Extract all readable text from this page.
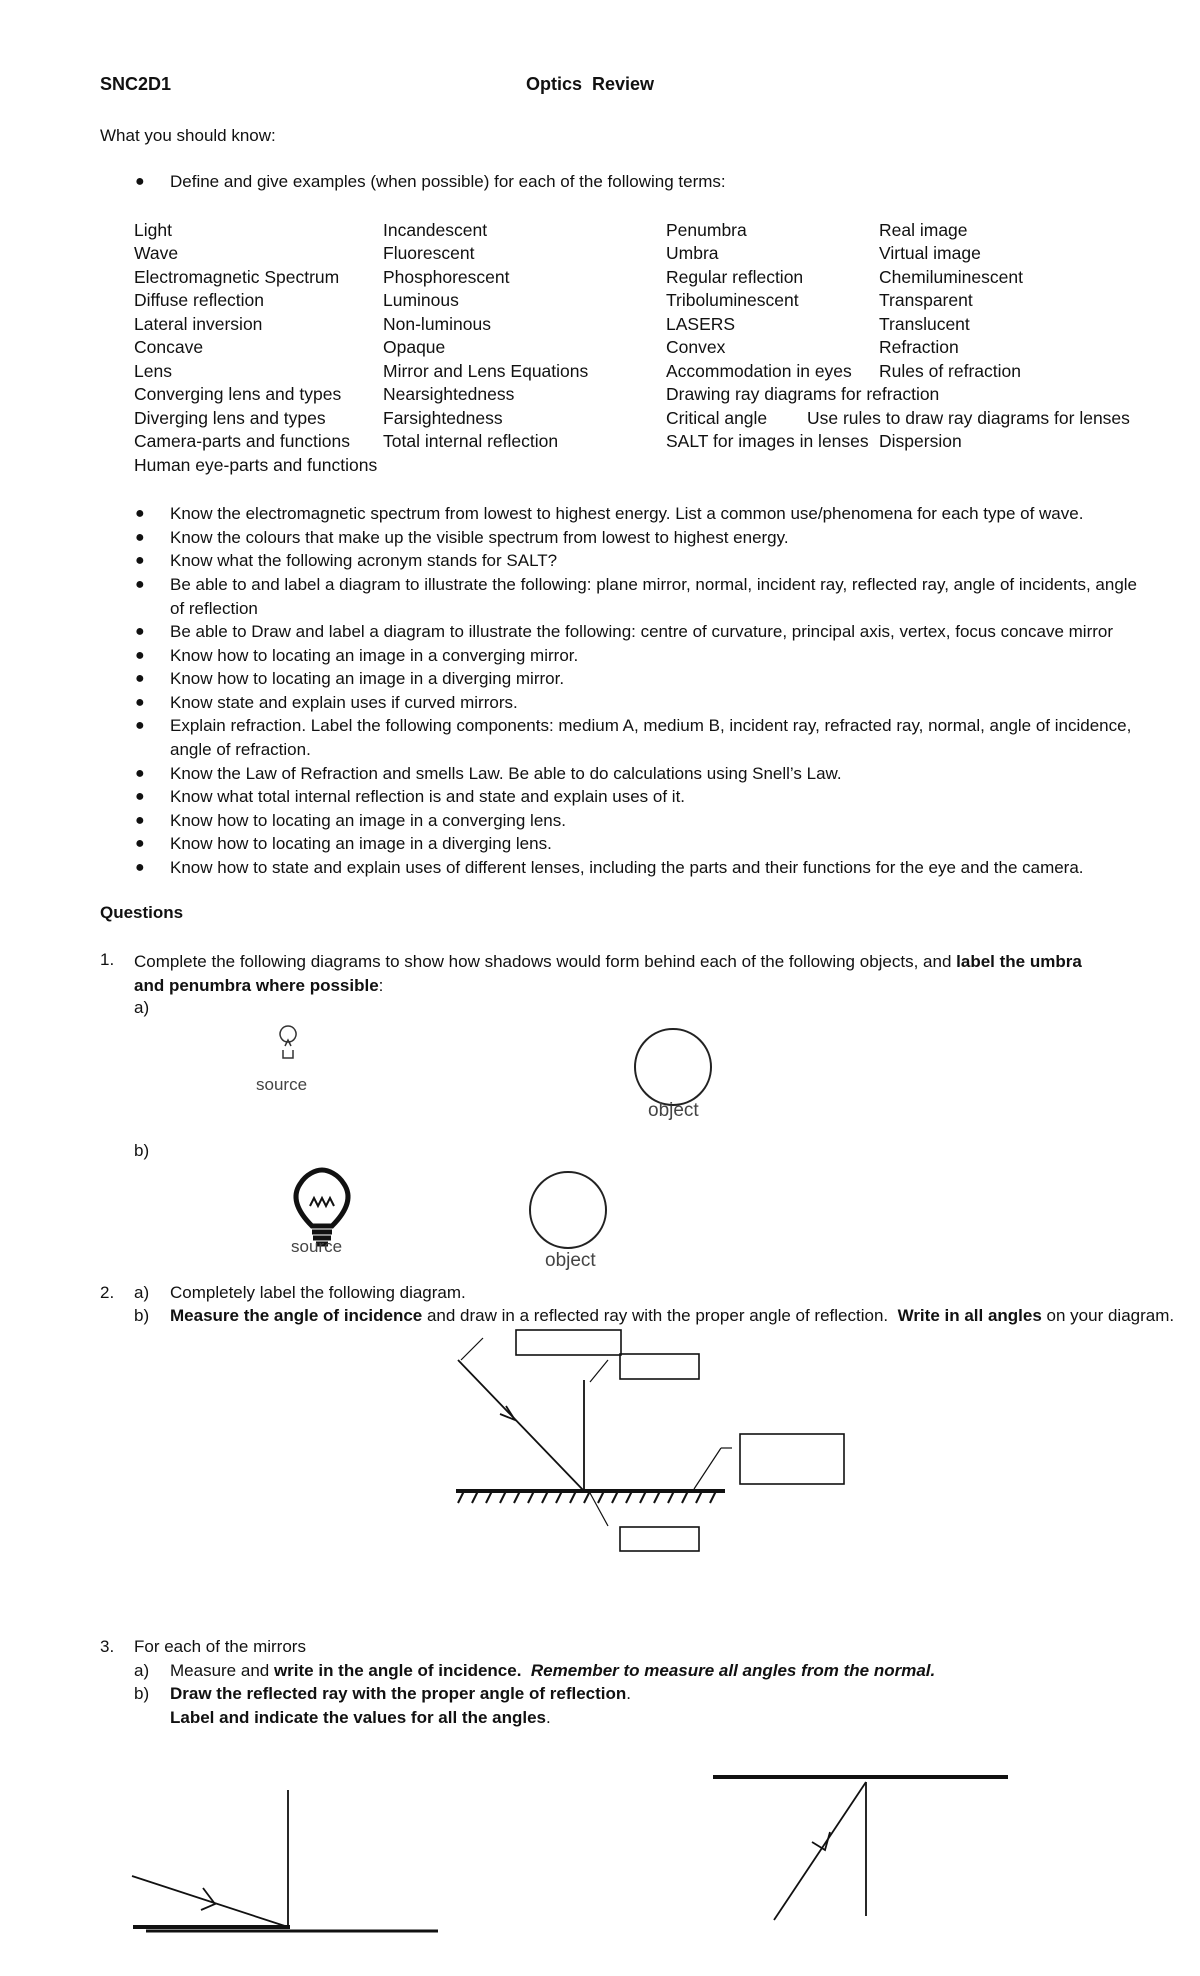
SNC2D1	Optics  Review
What you should know:
● Define and give examples (when possible) for each of the following terms:
Light
Wave
Electromagnetic Spectrum
Diffuse reflection
Lateral inversion
Concave
Lens
Converging lens and types
Diverging lens and types
Camera-parts and functions
Human eye-parts and functions
Incandescent
Fluorescent
Phosphorescent
Luminous
Non-luminous
Opaque
Mirror and Lens Equations
Nearsightedness
Farsightedness
Total internal reflection
Penumbra
Umbra
Regular reflection
Triboluminescent
LASERS
Convex
Accommodation in eyes
Drawing ray diagrams for refraction
Critical angle
SALT for images in lenses
Real image
Virtual image
Chemiluminescent
Transparent
Translucent
Refraction
Rules of refraction
Use rules to draw ray diagrams for lenses
Dispersion
● Know the electromagnetic spectrum from lowest to highest energy. List a common use/phenomena for each type of wave.
● Know the colours that make up the visible spectrum from lowest to highest energy.
● Know what the following acronym stands for SALT?
● Be able to and label a diagram to illustrate the following: plane mirror, normal, incident ray, reflected ray, angle of incidents, angle of reflection
● Be able to Draw and label a diagram to illustrate the following: centre of curvature, principal axis, vertex, focus concave mirror
● Know how to locating an image in a converging mirror.
● Know how to locating an image in a diverging mirror.
● Know state and explain uses if curved mirrors.
● Explain refraction. Label the following components: medium A, medium B, incident ray, refracted ray, normal, angle of incidence, angle of refraction.
● Know the Law of Refraction and smells Law. Be able to do calculations using Snell’s Law.
● Know what total internal reflection is and state and explain uses of it.
● Know how to locating an image in a converging lens.
● Know how to locating an image in a diverging lens.
● Know how to state and explain uses of different lenses, including the parts and their functions for the eye and the camera.
Questions
1. Complete the following diagrams to show how shadows would form behind each of the following objects, and label the umbra and penumbra where possible:
a)
b)
2. a) Completely label the following diagram.
b) Measure the angle of incidence and draw in a reflected ray with the proper angle of reflection.  Write in all angles on your diagram.
3. For each of the mirrors
a) Measure and write in the angle of incidence.  Remember to measure all angles from the normal.
b) Draw the reflected ray with the proper angle of reflection.
Label and indicate the values for all the angles.
source
object
source
object
